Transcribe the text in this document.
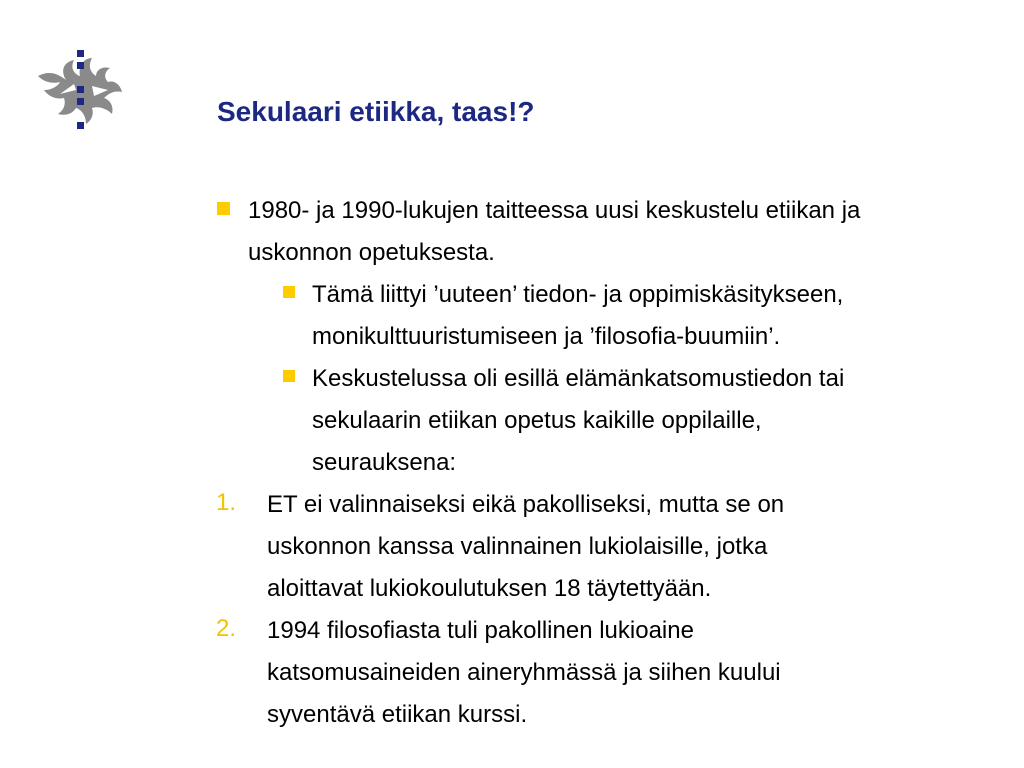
Sekulaari etiikka, taas!?
1980- ja 1990-lukujen taitteessa uusi keskustelu etiikan ja
uskonnon opetuksesta.
Tämä liittyi ’uuteen’ tiedon- ja oppimiskäsitykseen,
monikulttuuristumiseen ja ’filosofia-buumiin’.
Keskustelussa oli esillä elämänkatsomustiedon tai
sekulaarin etiikan opetus kaikille oppilaille,
seurauksena:
1. ET ei valinnaiseksi eikä pakolliseksi, mutta se on
uskonnon kanssa valinnainen lukiolaisille, jotka
aloittavat lukiokoulutuksen 18 täytettyään.
2. 1994 filosofiasta tuli pakollinen lukioaine
katsomusaineiden aineryhmässä ja siihen kuului
syventävä etiikan kurssi.
